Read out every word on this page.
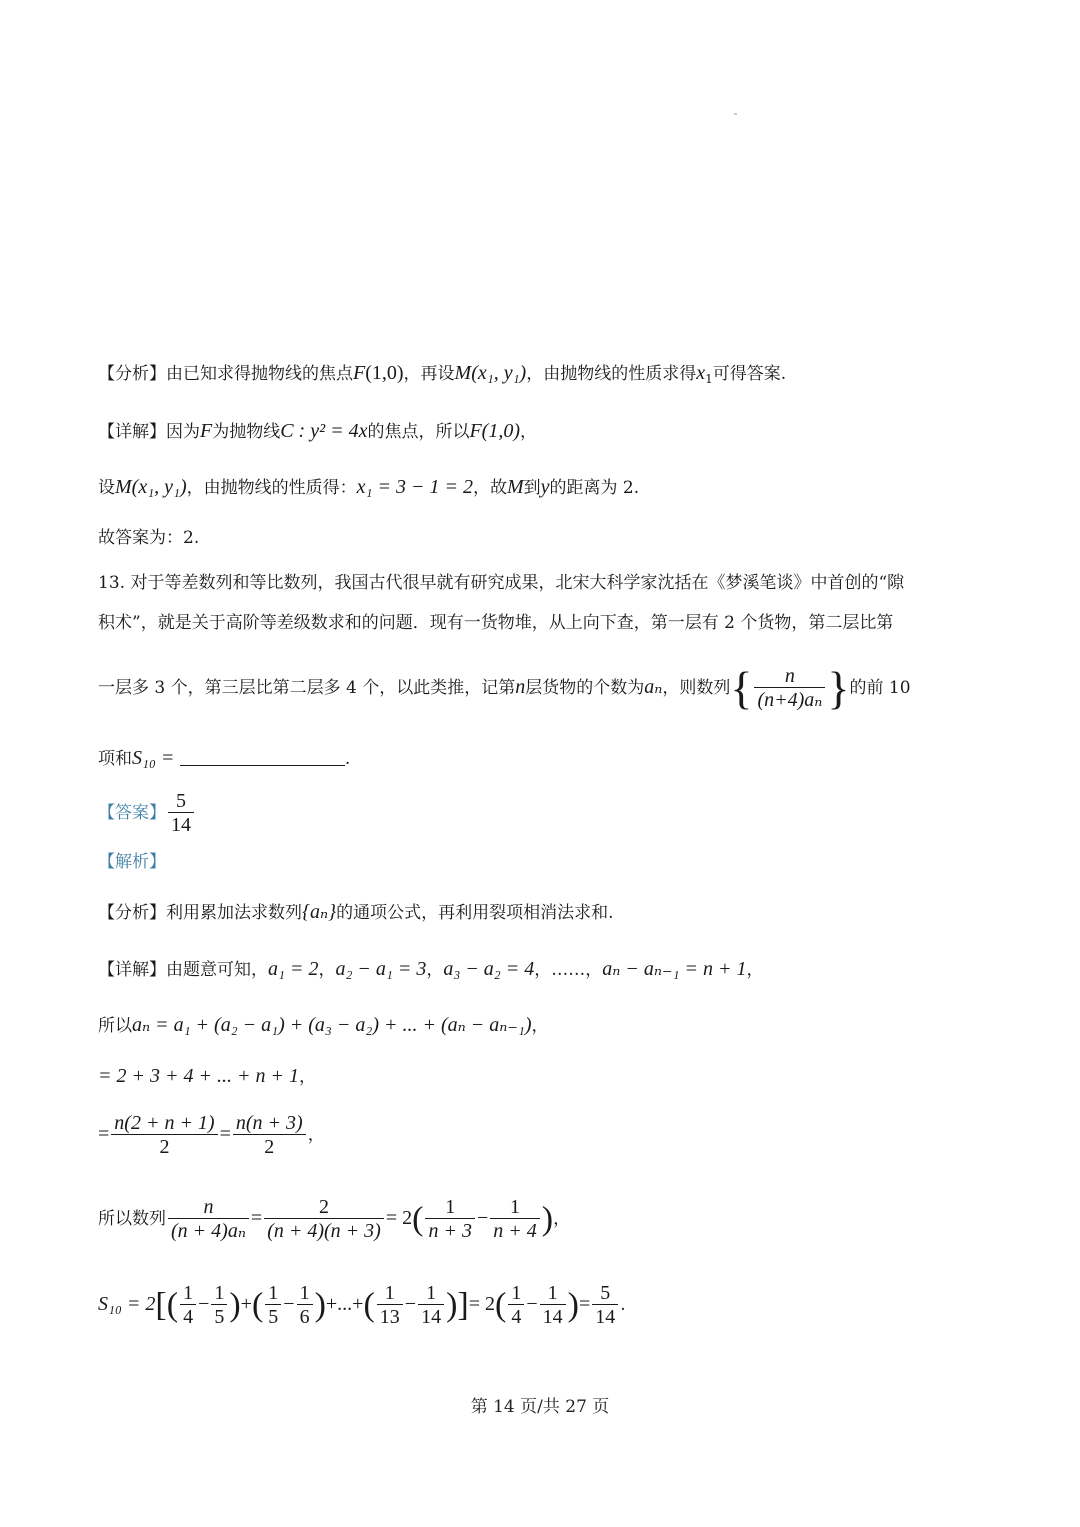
【分析】由已知求得抛物线的焦点F(1,0)，再设M(x₁, y₁)，由抛物线的性质求得$x_1$可得答案.
【详解】因为F为抛物线C : y² = 4x的焦点，所以F(1,0)，
设M(x₁, y₁)，由抛物线的性质得：x₁ = 3 − 1 = 2，故M到y的距离为 2.
故答案为：2.
13. 对于等差数列和等比数列，我国古代很早就有研究成果，北宋大科学家沈括在《梦溪笔谈》中首创的“隙
积术”，就是关于高阶等差级数求和的问题．现有一货物堆，从上向下查，第一层有 2 个货物，第二层比第
一层多 3 个，第三层比第二层多 4 个，以此类推，记第n层货物的个数为aₙ，则数列{ $\frac{n}{\text{(n+4)aₙ}}$ }的前 10
项和S₁₀ =	.
【答案】 $\frac{5}{14}$
【解析】
【分析】利用累加法求数列{aₙ}的通项公式，再利用裂项相消法求和.
【详解】由题意可知，a₁ = 2，a₂ − a₁ = 3，a₃ − a₂ = 4，……，aₙ − aₙ₋₁ = n + 1，
所以aₙ = a₁ + (a₂ − a₁) + (a₃ − a₂) + ... + (aₙ − aₙ₋₁)，
= 2 + 3 + 4 + ... + n + 1，
= $\frac{n(2 + n + 1)}{2} = \frac{n(n + 3)}{2}$ ，
所以数列 $\frac{n}{\text{(n + 4)aₙ}} = \frac{2}{(n + 4)(n + 3)} = 2( \frac{1}{n + 3} - \frac{1}{n + 4}$ )，
$S_{10} = 2[( \frac{1}{4} - \frac{1}{5}$ )+( $\frac{1}{5} - \frac{1}{6}$ )+...+( $\frac{1}{13} - \frac{1}{14}$ )]= $2( \frac{1}{4} - \frac{1}{14}$ )= $\frac{5}{14}$ .
第 14 页/共 27 页
